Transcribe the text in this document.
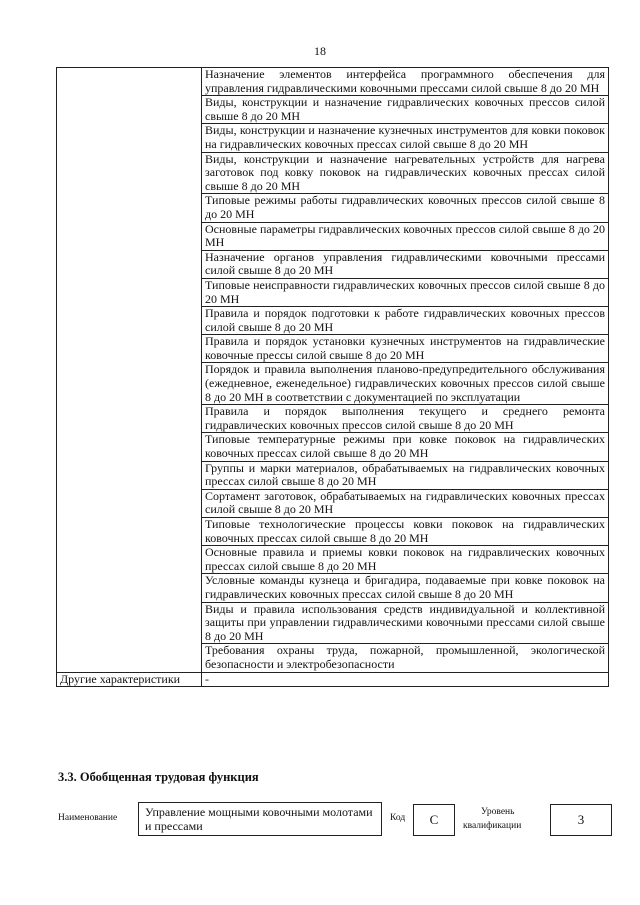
18
	Назначение элементов интерфейса программного обеспечения для управления гидравлическими ковочными прессами силой свыше 8 до 20 МН
	Виды, конструкции и назначение гидравлических ковочных прессов силой свыше 8 до 20 МН
	Виды, конструкции и назначение кузнечных инструментов для ковки поковок на гидравлических ковочных прессах силой свыше 8 до 20 МН
	Виды, конструкции и назначение нагревательных устройств для нагрева заготовок под ковку поковок на гидравлических ковочных прессах силой свыше 8 до 20 МН
	Типовые режимы работы гидравлических ковочных прессов силой свыше 8 до 20 МН
	Основные параметры гидравлических ковочных прессов силой свыше 8 до 20 МН
	Назначение органов управления гидравлическими ковочными прессами силой свыше 8 до 20 МН
	Типовые неисправности гидравлических ковочных прессов силой свыше 8 до 20 МН
	Правила и порядок подготовки к работе гидравлических ковочных прессов силой свыше 8 до 20 МН
	Правила и порядок установки кузнечных инструментов на гидравлические ковочные прессы силой свыше 8 до 20 МН
	Порядок и правила выполнения планово-предупредительного обслуживания (ежедневное, еженедельное) гидравлических ковочных прессов силой свыше 8 до 20 МН в соответствии с документацией по эксплуатации
	Правила и порядок выполнения текущего и среднего ремонта гидравлических ковочных прессов силой свыше 8 до 20 МН
	Типовые температурные режимы при ковке поковок на гидравлических ковочных прессах силой свыше 8 до 20 МН
	Группы и марки материалов, обрабатываемых на гидравлических ковочных прессах силой свыше 8 до 20 МН
	Сортамент заготовок, обрабатываемых на гидравлических ковочных прессах силой свыше 8 до 20 МН
	Типовые технологические процессы ковки поковок на гидравлических ковочных прессах силой свыше 8 до 20 МН
	Основные правила и приемы ковки поковок на гидравлических ковочных прессах силой свыше 8 до 20 МН
	Условные команды кузнеца и бригадира, подаваемые при ковке поковок на гидравлических ковочных прессах силой свыше 8 до 20 МН
	Виды и правила использования средств индивидуальной и коллективной защиты при управлении гидравлическими ковочными прессами силой свыше 8 до 20 МН
	Требования охраны труда, пожарной, промышленной, экологической безопасности и электробезопасности
Другие характеристики	-
3.3. Обобщенная трудовая функция
Наименование	Управление мощными ковочными молотами и прессами
Код	С	Уровень
квалификации	3
